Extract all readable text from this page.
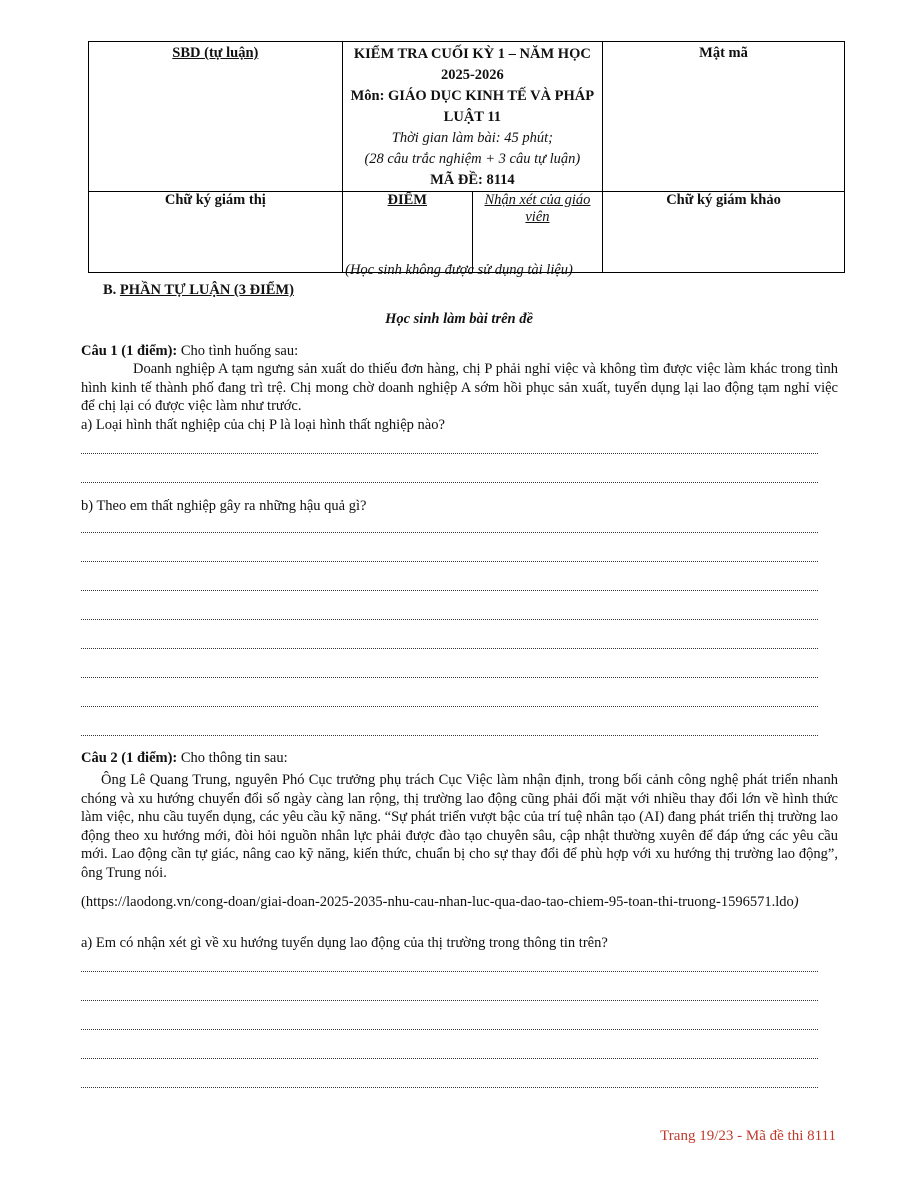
SBD (tự luận)	KIỂM TRA CUỐI KỲ 1 – NĂM HỌC 2025-2026
Môn: GIÁO DỤC KINH TẾ VÀ PHÁP LUẬT 11
Thời gian làm bài: 45 phút;
(28 câu trắc nghiệm + 3 câu tự luận)
MÃ ĐỀ: 8114		Mật mã
Chữ ký giám thị	ĐIỂM	Nhận xét của giáo viên	Chữ ký giám khảo
(Học sinh không được sử dụng tài liệu)
B. PHẦN TỰ LUẬN (3 ĐIỂM)
Học sinh làm bài trên đề
Câu 1 (1 điểm): Cho tình huống sau:
Doanh nghiệp A tạm ngưng sản xuất do thiếu đơn hàng, chị P phải nghỉ việc và không tìm được việc làm khác trong tình hình kinh tế thành phố đang trì trệ. Chị mong chờ doanh nghiệp A sớm hồi phục sản xuất, tuyển dụng lại lao động tạm nghỉ việc để chị lại có được việc làm như trước.
a) Loại hình thất nghiệp của chị P là loại hình thất nghiệp nào?
b) Theo em thất nghiệp gây ra những hậu quả gì?
Câu 2 (1 điểm): Cho thông tin sau:
Ông Lê Quang Trung, nguyên Phó Cục trưởng phụ trách Cục Việc làm nhận định, trong bối cảnh công nghệ phát triển nhanh chóng và xu hướng chuyển đổi số ngày càng lan rộng, thị trường lao động cũng phải đối mặt với nhiều thay đổi lớn về hình thức làm việc, nhu cầu tuyển dụng, các yêu cầu kỹ năng. “Sự phát triển vượt bậc của trí tuệ nhân tạo (AI) đang phát triển thị trường lao động theo xu hướng mới, đòi hỏi nguồn nhân lực phải được đào tạo chuyên sâu, cập nhật thường xuyên để đáp ứng các yêu cầu mới. Lao động cần tự giác, nâng cao kỹ năng, kiến thức, chuẩn bị cho sự thay đổi để phù hợp với xu hướng thị trường lao động”, ông Trung nói.
(https://laodong.vn/cong-doan/giai-doan-2025-2035-nhu-cau-nhan-luc-qua-dao-tao-chiem-95-toan-thi-truong-1596571.ldo)
a) Em có nhận xét gì về xu hướng tuyển dụng lao động của thị trường trong thông tin trên?
Trang 19/23 - Mã đề thi 8111
